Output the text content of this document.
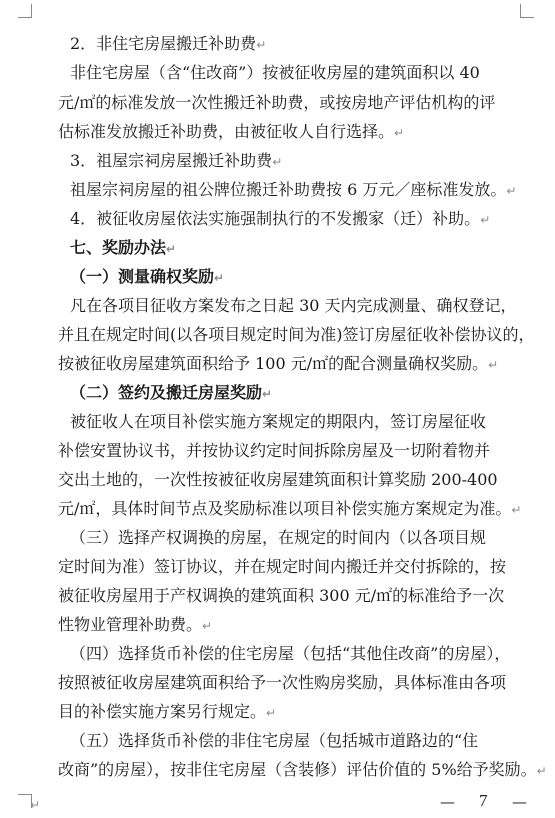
2．非住宅房屋搬迁补助费↵
非住宅房屋（含“住改商”）按被征收房屋的建筑面积以 40
元/㎡的标准发放一次性搬迁补助费，或按房地产评估机构的评
估标准发放搬迁补助费，由被征收人自行选择。↵
3．祖屋宗祠房屋搬迁补助费↵
祖屋宗祠房屋的祖公牌位搬迁补助费按 6 万元／座标准发放。↵
4．被征收房屋依法实施强制执行的不发搬家（迁）补助。↵
七、奖励办法↵
（一）测量确权奖励↵
凡在各项目征收方案发布之日起 30 天内完成测量、确权登记，
并且在规定时间(以各项目规定时间为准)签订房屋征收补偿协议的，
按被征收房屋建筑面积给予 100 元/㎡的配合测量确权奖励。↵
（二）签约及搬迁房屋奖励↵
被征收人在项目补偿实施方案规定的期限内，签订房屋征收
补偿安置协议书，并按协议约定时间拆除房屋及一切附着物并
交出土地的，一次性按被征收房屋建筑面积计算奖励 200-400
元/㎡，具体时间节点及奖励标准以项目补偿实施方案规定为准。↵
（三）选择产权调换的房屋，在规定的时间内（以各项目规
定时间为准）签订协议，并在规定时间内搬迁并交付拆除的，按
被征收房屋用于产权调换的建筑面积 300 元/㎡的标准给予一次
性物业管理补助费。↵
（四）选择货币补偿的住宅房屋（包括“其他住改商”的房屋），
按照被征收房屋建筑面积给予一次性购房奖励，具体标准由各项
目的补偿实施方案另行规定。↵
（五）选择货币补偿的非住宅房屋（包括城市道路边的“住
改商”的房屋），按非住宅房屋（含装修）评估价值的 5%给予奖励。↵
↵	— 7 —
